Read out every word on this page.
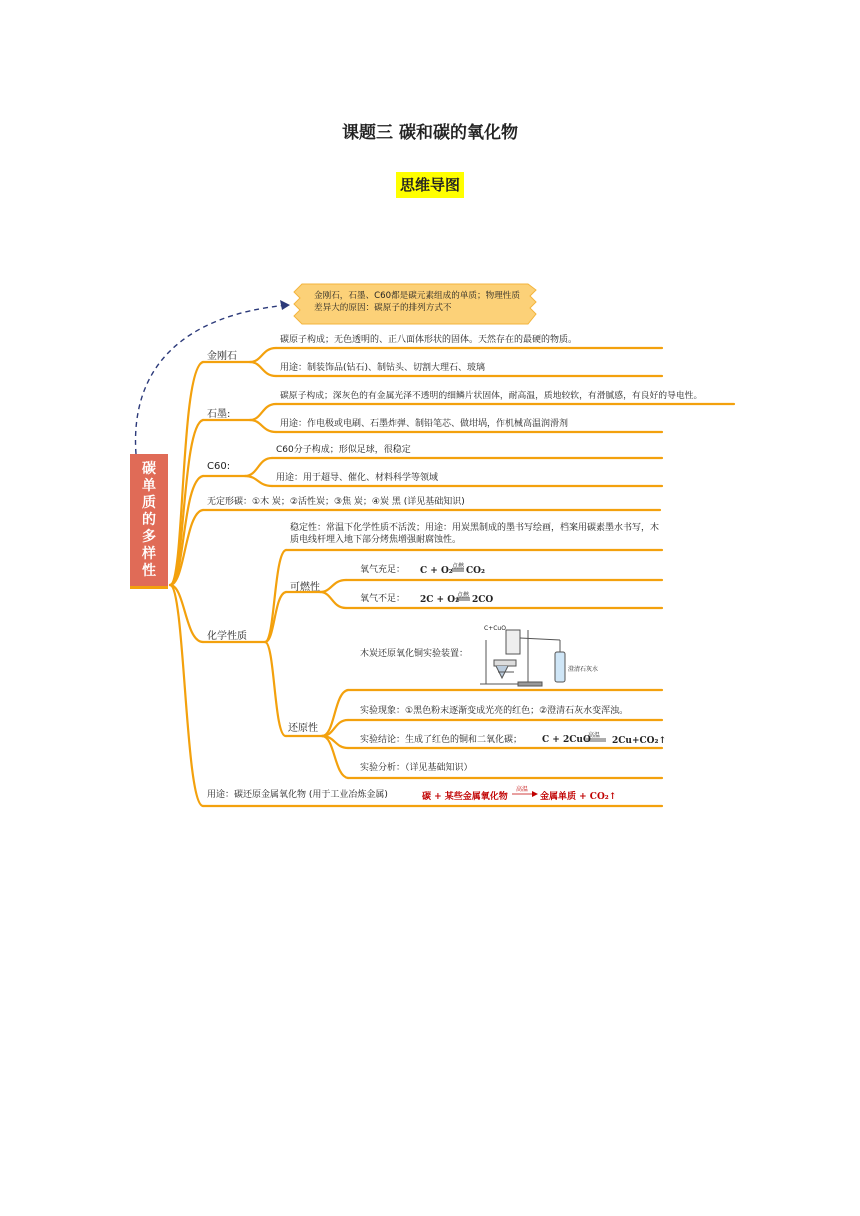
课题三 碳和碳的氧化物
思维导图
金刚石，石墨、C60都是碳元素组成的单质；物理性质差异大的原因：碳原子的排列方式不
碳单质的多样性
金刚石
碳原子构成；无色透明的、正八面体形状的固体。天然存在的最硬的物质。
用途：制装饰品(钻石)、制钻头、切割大理石、玻璃
石墨:
碳原子构成；深灰色的有金属光泽不透明的细鳞片状固体，耐高温，质地较软，有滑腻感，有良好的导电性。
用途：作电极或电刷、石墨炸弹、制铅笔芯、做坩埚，作机械高温润滑剂
C60:
C60分子构成；形似足球，很稳定
用途：用于超导、催化、材料科学等领域
无定形碳：①木 炭；②活性炭；③焦 炭；④炭 黑 (详见基础知识)
化学性质
稳定性：常温下化学性质不活泼；用途：用炭黑制成的墨书写绘画，档案用碳素墨水书写，木质电线杆埋入地下部分烤焦增强耐腐蚀性。
可燃性
氧气充足： C + O₂ 点燃 CO₂
氧气不足： 2C + O₂
点燃 2CO
还原性
木炭还原氧化铜实验装置：
C+CuO
澄清石灰水
实验现象：①黑色粉末逐渐变成光亮的红色；②澄清石灰水变浑浊。
实验结论：生成了红色的铜和二氧化碳； C + 2CuO
高温
2Cu+CO₂↑
实验分析：（详见基础知识）
用途：碳还原金属氧化物 (用于工业冶炼金属)	碳 + 某些金属氧化物
高温
金属单质 + CO₂↑
